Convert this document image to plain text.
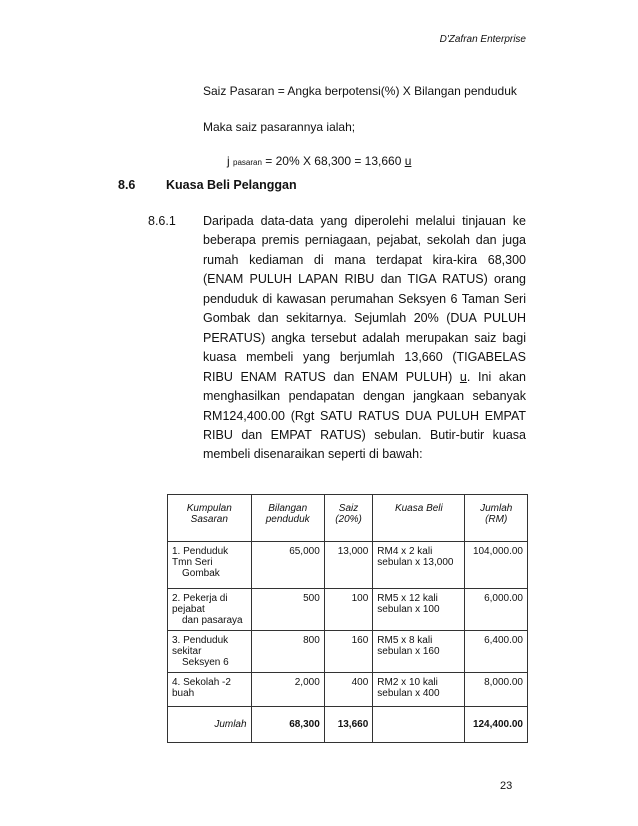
D'Zafran Enterprise
Saiz Pasaran = Angka berpotensi(%) X Bilangan penduduk
Maka saiz pasarannya ialah;
j pasaran = 20% X 68,300 = 13,660 u
8.6 Kuasa Beli Pelanggan
8.6.1 Daripada data-data yang diperolehi melalui tinjauan ke beberapa premis perniagaan, pejabat, sekolah dan juga rumah kediaman di mana terdapat kira-kira 68,300 (ENAM PULUH LAPAN RIBU dan TIGA RATUS) orang penduduk di kawasan perumahan Seksyen 6 Taman Seri Gombak dan sekitarnya. Sejumlah 20% (DUA PULUH PERATUS) angka tersebut adalah merupakan saiz bagi kuasa membeli yang berjumlah 13,660 (TIGABELAS RIBU ENAM RATUS dan ENAM PULUH) u. Ini akan menghasilkan pendapatan dengan jangkaan sebanyak RM124,400.00 (Rgt SATU RATUS DUA PULUH EMPAT RIBU dan EMPAT RATUS) sebulan. Butir-butir kuasa membeli disenaraikan seperti di bawah:
Kumpulan Sasaran	Bilangan penduduk	Saiz (20%)	Kuasa Beli	Jumlah (RM)

1. Penduduk Tmn Seri
Gombak	65,000	13,000	RM4 x 2 kali sebulan x 13,000	104,000.00

2. Pekerja di pejabat
dan pasaraya	500	100	RM5 x 12 kali sebulan x 100	6,000.00

3. Penduduk sekitar
Seksyen 6	800	160	RM5 x 8 kali sebulan x 160	6,400.00

4. Sekolah -2 buah	2,000	400	RM2 x 10 kali sebulan x 400	8,000.00
Jumlah	68,300	13,660		124,400.00
23
